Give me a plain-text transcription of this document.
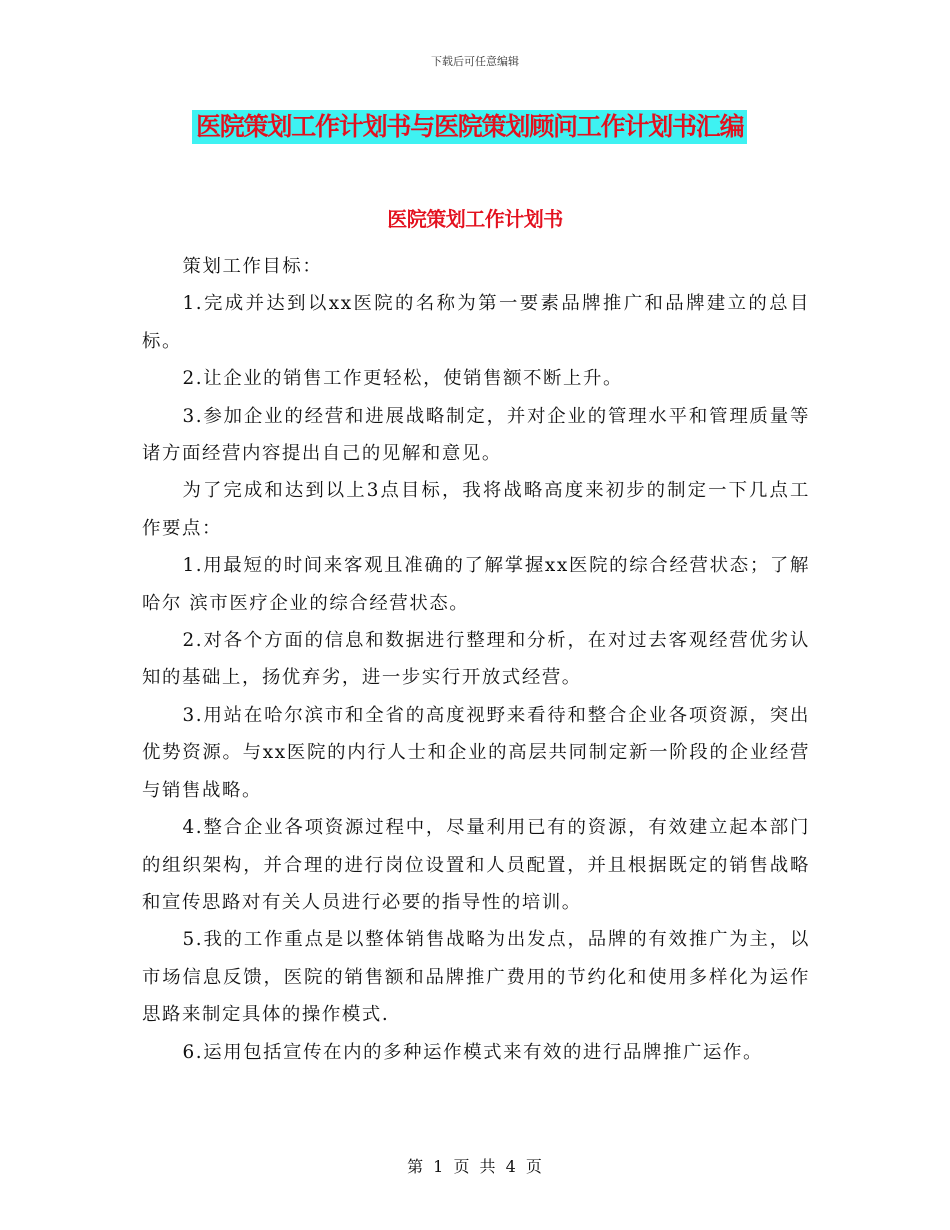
下载后可任意编辑
医院策划工作计划书与医院策划顾问工作计划书汇编
医院策划工作计划书

策划工作目标：

1.完成并达到以xx医院的名称为第一要素品牌推广和品牌建立的总目标。

2.让企业的销售工作更轻松，使销售额不断上升。

3.参加企业的经营和进展战略制定，并对企业的管理水平和管理质量等诸方面经营内容提出自己的见解和意见。

为了完成和达到以上3点目标，我将战略高度来初步的制定一下几点工作要点：

1.用最短的时间来客观且准确的了解掌握xx医院的综合经营状态；了解哈尔 滨市医疗企业的综合经营状态。

2.对各个方面的信息和数据进行整理和分析，在对过去客观经营优劣认知的基础上，扬优弃劣，进一步实行开放式经营。

3.用站在哈尔滨市和全省的高度视野来看待和整合企业各项资源，突出优势资源。与xx医院的内行人士和企业的高层共同制定新一阶段的企业经营与销售战略。

4.整合企业各项资源过程中，尽量利用已有的资源，有效建立起本部门的组织架构，并合理的进行岗位设置和人员配置，并且根据既定的销售战略和宣传思路对有关人员进行必要的指导性的培训。

5.我的工作重点是以整体销售战略为出发点，品牌的有效推广为主，以市场信息反馈，医院的销售额和品牌推广费用的节约化和使用多样化为运作思路来制定具体的操作模式.

6.运用包括宣传在内的多种运作模式来有效的进行品牌推广运作。

第 1 页 共 4 页
